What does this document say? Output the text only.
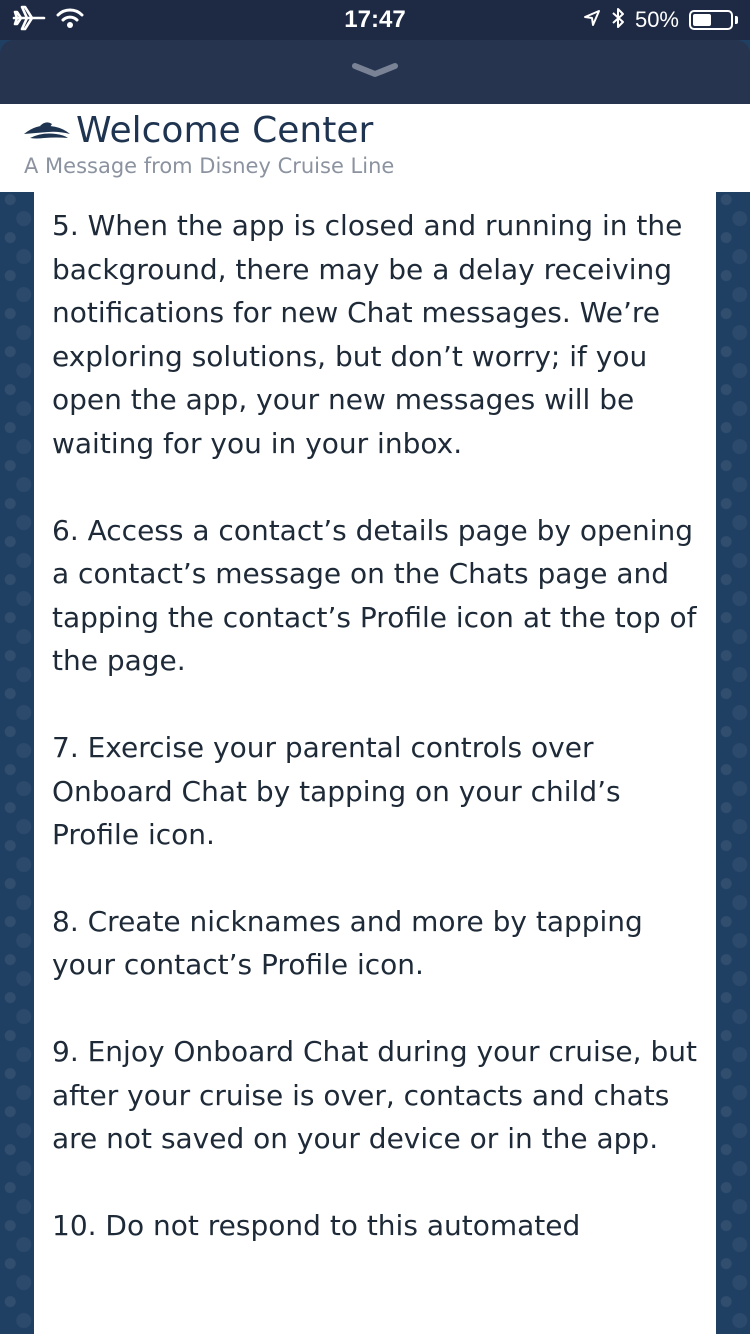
17:47	50%
Welcome Center
A Message from Disney Cruise Line

5. When the app is closed and running in the background, there may be a delay receiving notifications for new Chat messages. We’re exploring solutions, but don’t worry; if you open the app, your new messages will be waiting for you in your inbox.

6. Access a contact’s details page by opening a contact’s message on the Chats page and tapping the contact’s Profile icon at the top of the page.

7. Exercise your parental controls over Onboard Chat by tapping on your child’s Profile icon.

8. Create nicknames and more by tapping your contact’s Profile icon.

9. Enjoy Onboard Chat during your cruise, but after your cruise is over, contacts and chats are not saved on your device or in the app.

10. Do not respond to this automated
